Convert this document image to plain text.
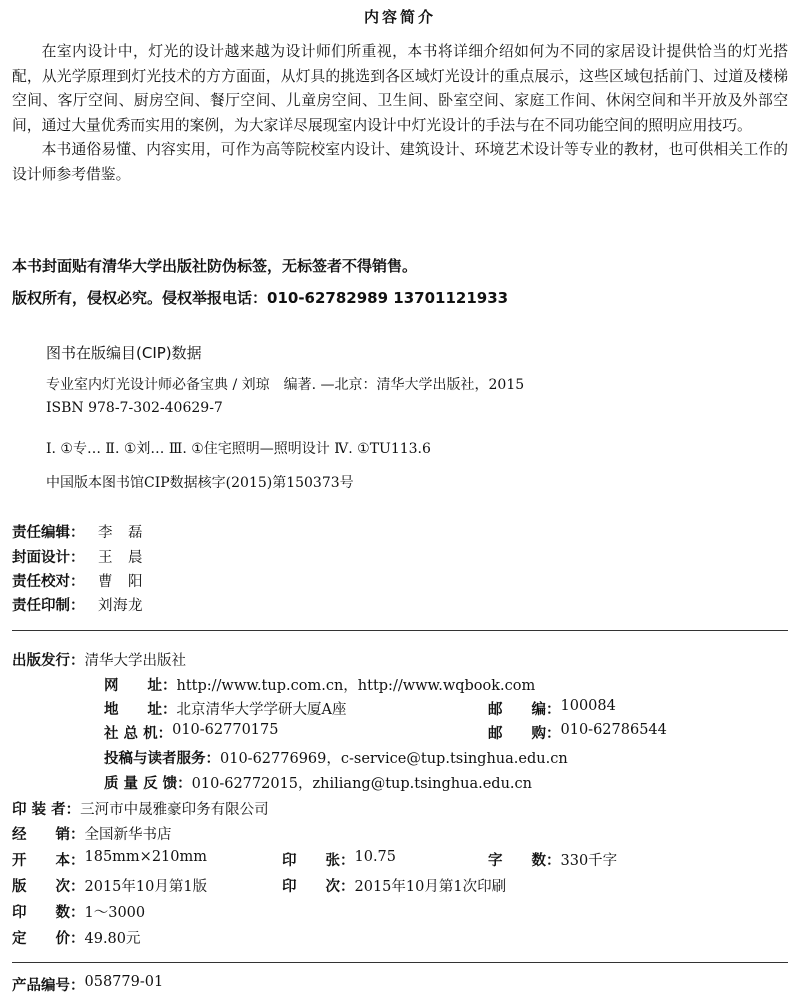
内容简介

在室内设计中，灯光的设计越来越为设计师们所重视，本书将详细介绍如何为不同的家居设计提供恰当的灯光搭配，从光学原理到灯光技术的方方面面，从灯具的挑选到各区域灯光设计的重点展示，这些区域包括前门、过道及楼梯空间、客厅空间、厨房空间、餐厅空间、儿童房空间、卫生间、卧室空间、家庭工作间、休闲空间和半开放及外部空间，通过大量优秀而实用的案例，为大家详尽展现室内设计中灯光设计的手法与在不同功能空间的照明应用技巧。

本书通俗易懂、内容实用，可作为高等院校室内设计、建筑设计、环境艺术设计等专业的教材，也可供相关工作的设计师参考借鉴。

本书封面贴有清华大学出版社防伪标签，无标签者不得销售。
版权所有，侵权必究。侵权举报电话：010-62782989 13701121933
图书在版编目(CIP)数据
专业室内灯光设计师必备宝典 / 刘琼　编著. —北京：清华大学出版社，2015
ISBN 978-7-302-40629-7
Ⅰ. ①专… Ⅱ. ①刘… Ⅲ. ①住宅照明—照明设计 Ⅳ. ①TU113.6
中国版本图书馆CIP数据核字(2015)第150373号
责任编辑： 李　磊
封面设计： 王　晨
责任校对： 曹　阳
责任印制： 刘海龙
出版发行： 清华大学出版社
网　　址： http://www.tup.com.cn，http://www.wqbook.com
地　　址： 北京清华大学学研大厦A座	邮　　编： 100084
社 总 机： 010-62770175	邮　　购： 010-62786544
投稿与读者服务： 010-62776969，c-service@tup.tsinghua.edu.cn
质 量 反 馈： 010-62772015，zhiliang@tup.tsinghua.edu.cn
印 装 者： 三河市中晟雅豪印务有限公司
经　　销： 全国新华书店
开　　本： 185mm×210mm	印　　张： 10.75	字　　数： 330千字
版　　次： 2015年10月第1版	印　　次： 2015年10月第1次印刷
印　　数： 1～3000
定　　价： 49.80元
产品编号： 058779-01
